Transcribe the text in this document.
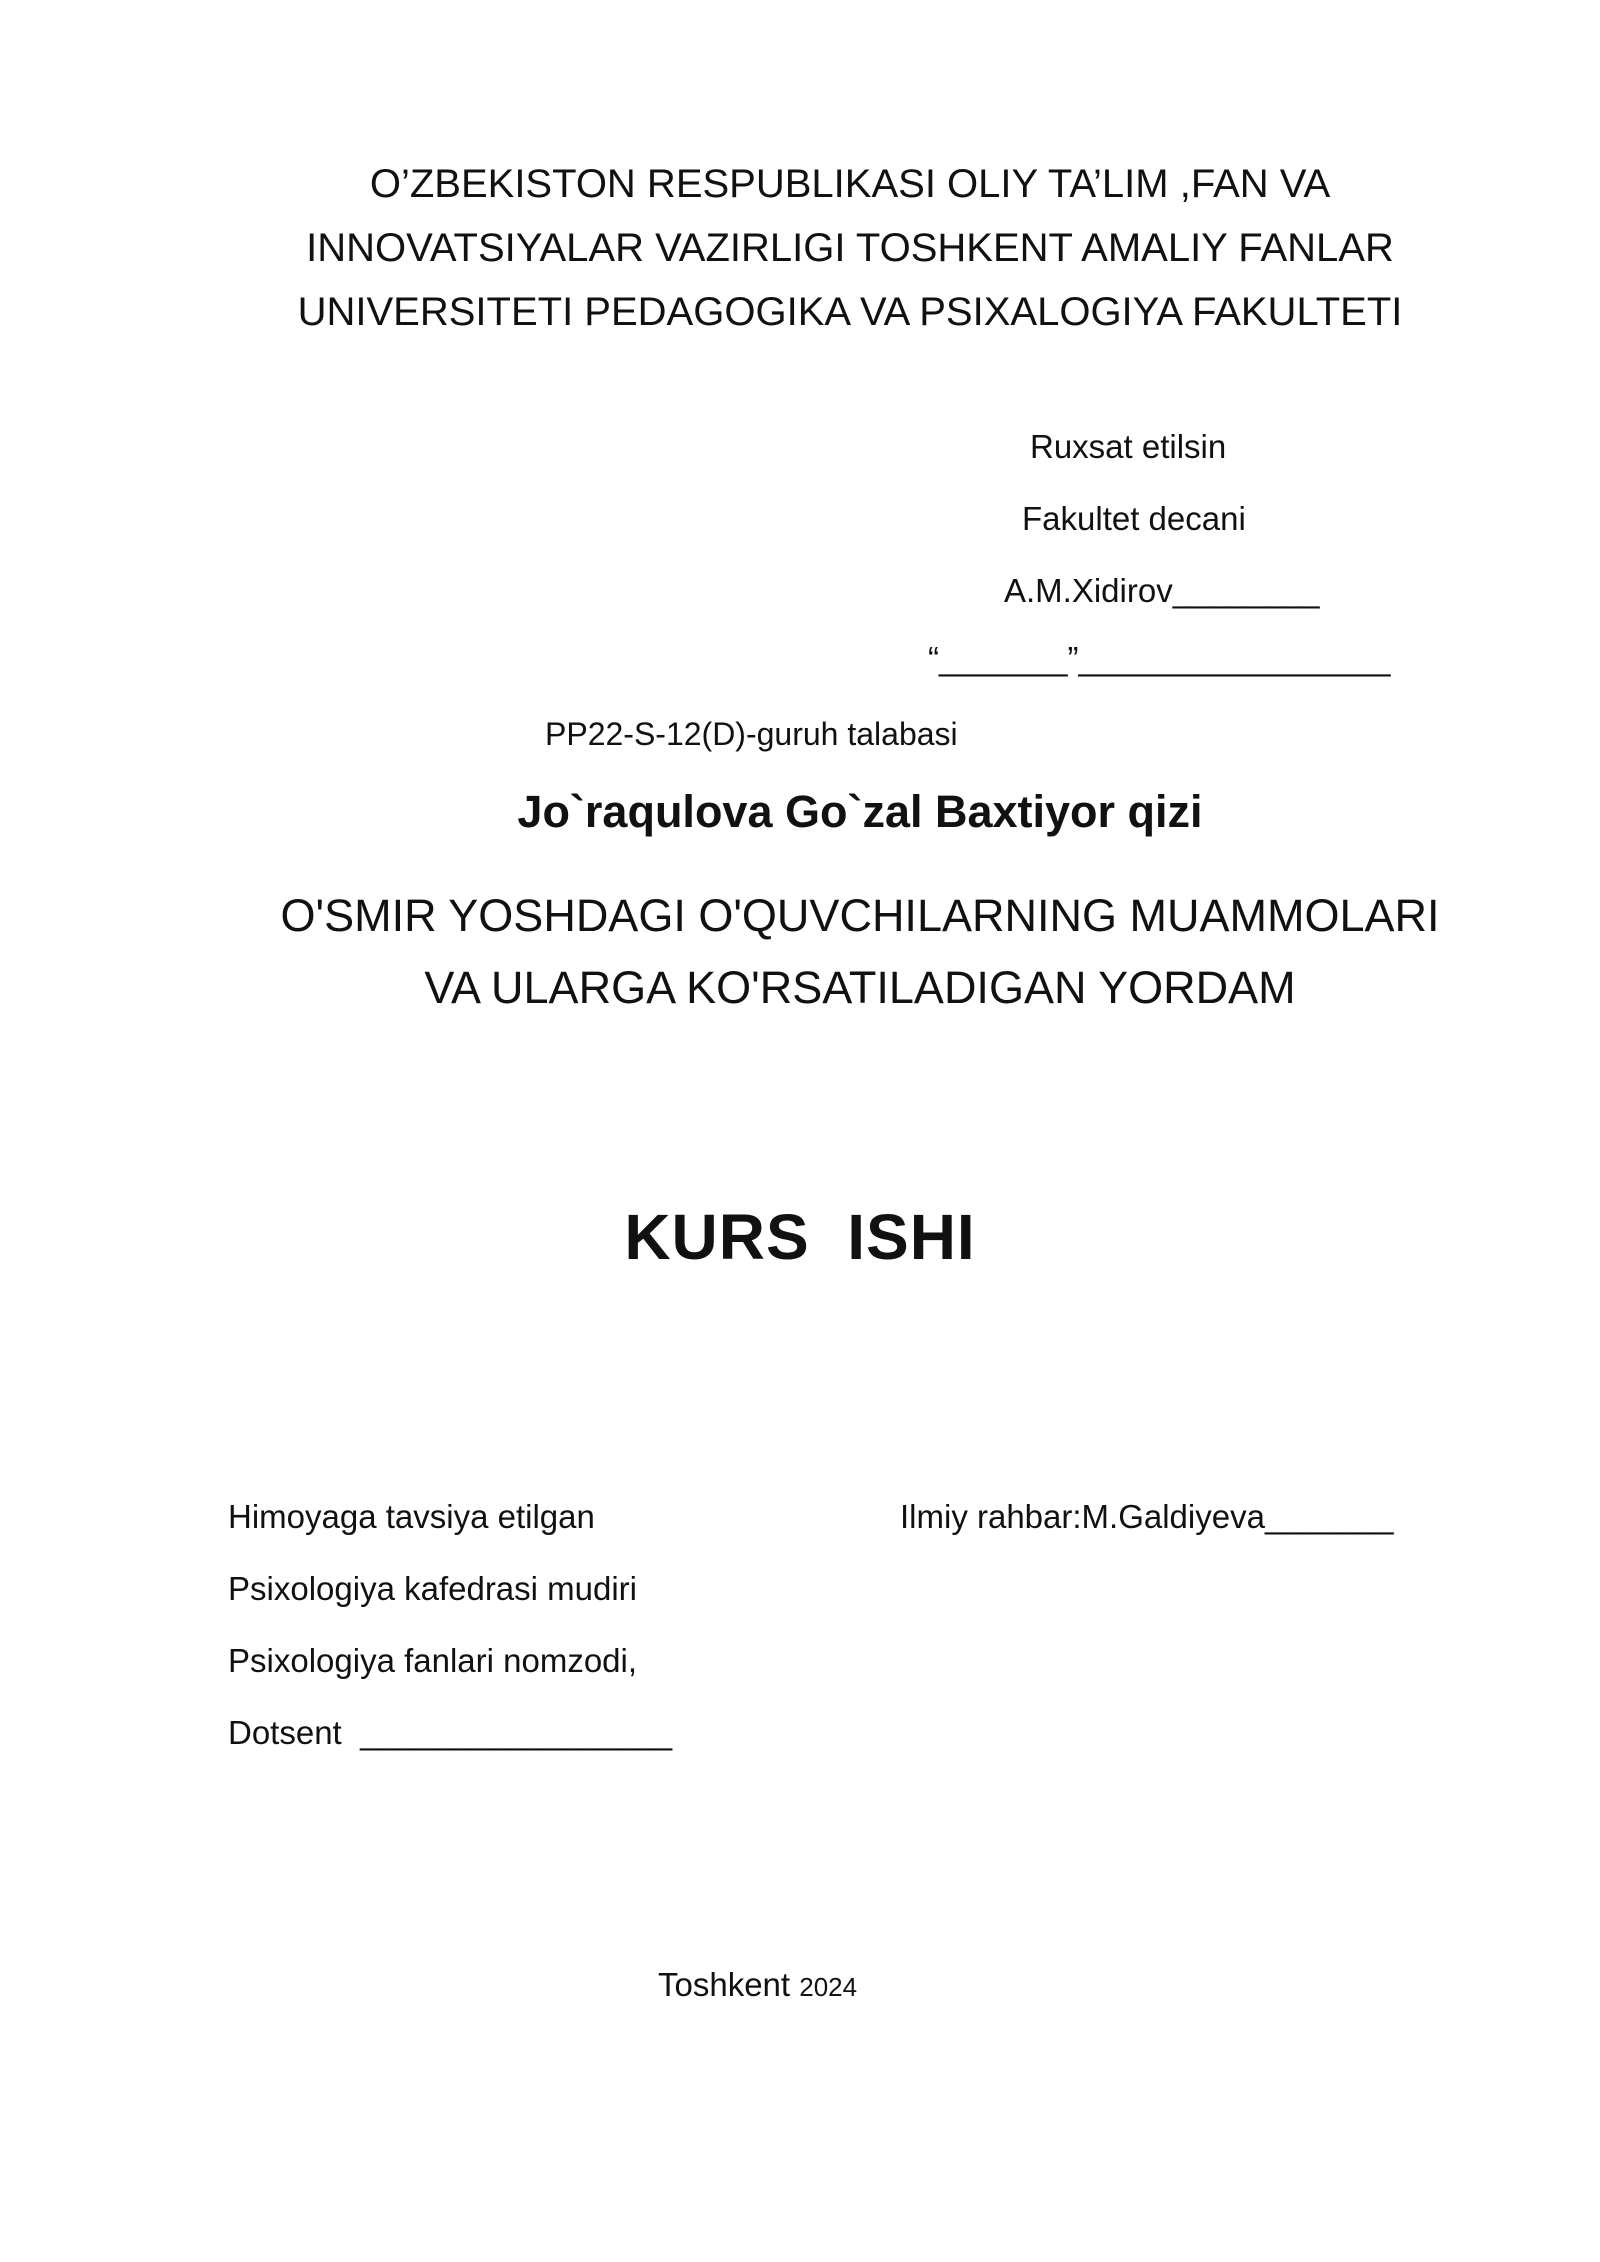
O’ZBEKISTON RESPUBLIKASI OLIY TA’LIM ,FAN VA
INNOVATSIYALAR VAZIRLIGI TOSHKENT AMALIY FANLAR
UNIVERSITETI PEDAGOGIKA VA PSIXALOGIYA FAKULTETI
Ruxsat etilsin
Fakultet decani
A.M.Xidirov________
“_______”_________________
PP22-S-12(D)-guruh talabasi
Jo`raqulova Go`zal Baxtiyor qizi
O'SMIR YOSHDAGI O'QUVCHILARNING MUAMMOLARI
VA ULARGA KO'RSATILADIGAN YORDAM
KURS  ISHI
Himoyaga tavsiya etilgan
Psixologiya kafedrasi mudiri
Psixologiya fanlari nomzodi,
Dotsent  _________________
Ilmiy rahbar:M.Galdiyeva_______
Toshkent 2024
